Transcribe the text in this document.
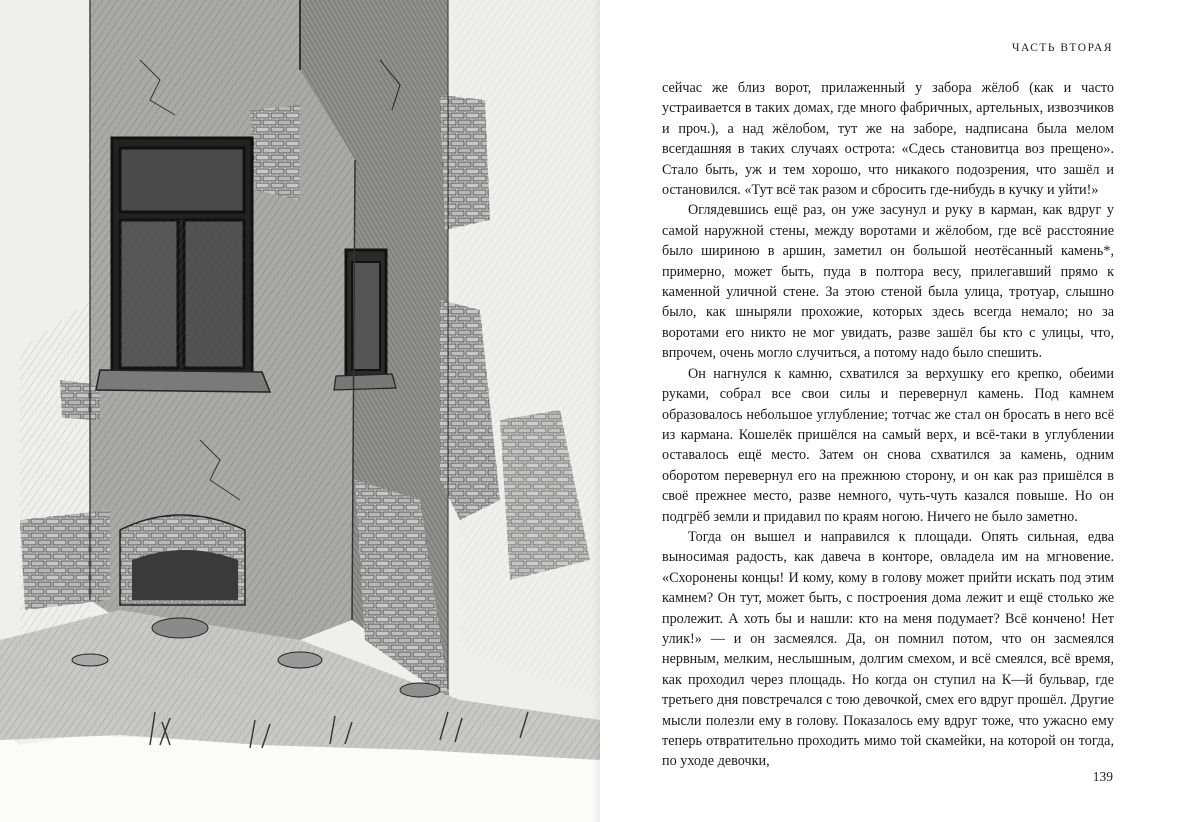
ЧАСТЬ ВТОРАЯ

сейчас же близ ворот, прилаженный у забора жёлоб (как и часто устраивается в таких домах, где много фабричных, артельных, извозчиков и проч.), а над жёлобом, тут же на заборе, надписана была мелом всегдашняя в таких случаях острота: «Сдесь становитца воз прещено». Стало быть, уж и тем хорошо, что никакого подозрения, что зашёл и остановился. «Тут всё так разом и сбросить где-нибудь в кучку и уйти!»

Оглядевшись ещё раз, он уже засунул и руку в карман, как вдруг у самой наружной стены, между воротами и жёлобом, где всё расстояние было шириною в аршин, заметил он большой неотёсанный камень*, примерно, может быть, пуда в полтора весу, прилегавший прямо к каменной уличной стене. За этою стеной была улица, тротуар, слышно было, как шныряли прохожие, которых здесь всегда немало; но за воротами его никто не мог увидать, разве зашёл бы кто с улицы, что, впрочем, очень могло случиться, а потому надо было спешить.

Он нагнулся к камню, схватился за верхушку его крепко, обеими руками, собрал все свои силы и перевернул камень. Под камнем образовалось небольшое углубление; тотчас же стал он бросать в него всё из кармана. Кошелёк пришёлся на самый верх, и всё-таки в углублении оставалось ещё место. Затем он снова схватился за камень, одним оборотом перевернул его на прежнюю сторону, и он как раз пришёлся в своё прежнее место, разве немного, чуть-чуть казался повыше. Но он подгрёб земли и придавил по краям ногою. Ничего не было заметно.

Тогда он вышел и направился к площади. Опять сильная, едва выносимая радость, как давеча в конторе, овладела им на мгновение. «Схоронены концы! И кому, кому в голову может прийти искать под этим камнем? Он тут, может быть, с построения дома лежит и ещё столько же пролежит. А хоть бы и нашли: кто на меня подумает? Всё кончено! Нет улик!» — и он засмеялся. Да, он помнил потом, что он засмеялся нервным, мелким, неслышным, долгим смехом, и всё смеялся, всё время, как проходил через площадь. Но когда он ступил на К—й бульвар, где третьего дня повстречался с тою девочкой, смех его вдруг прошёл. Другие мысли полезли ему в голову. Показалось ему вдруг тоже, что ужасно ему теперь отвратительно проходить мимо той скамейки, на которой он тогда, по уходе девочки,

139
